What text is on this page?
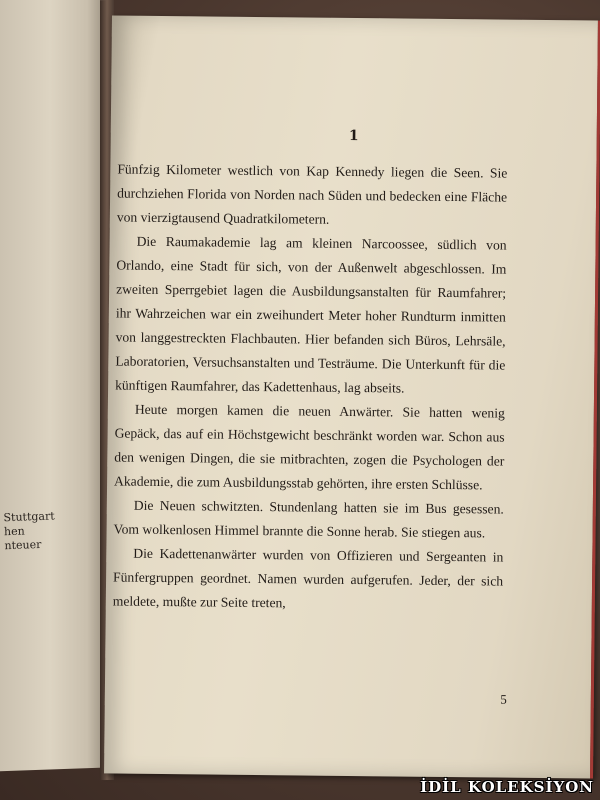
Stuttgart
hen
nteuer
1

Fünfzig Kilometer westlich von Kap Kennedy liegen die Seen. Sie durchziehen Florida von Norden nach Süden und bedecken eine Fläche von vierzigtausend Quadratkilometern.

Die Raumakademie lag am kleinen Narcoossee, südlich von Orlando, eine Stadt für sich, von der Außenwelt abgeschlossen. Im zweiten Sperrgebiet lagen die Ausbildungsanstalten für Raumfahrer; ihr Wahrzeichen war ein zweihundert Meter hoher Rundturm inmitten von langgestreckten Flachbauten. Hier befanden sich Büros, Lehrsäle, Laboratorien, Versuchsanstalten und Testräume. Die Unterkunft für die künftigen Raumfahrer, das Kadettenhaus, lag abseits.

Heute morgen kamen die neuen Anwärter. Sie hatten wenig Gepäck, das auf ein Höchstgewicht beschränkt worden war. Schon aus den wenigen Dingen, die sie mitbrachten, zogen die Psychologen der Akademie, die zum Ausbildungsstab gehörten, ihre ersten Schlüsse.

Die Neuen schwitzten. Stundenlang hatten sie im Bus gesessen. Vom wolkenlosen Himmel brannte die Sonne herab. Sie stiegen aus.

Die Kadettenanwärter wurden von Offizieren und Sergeanten in Fünfergruppen geordnet. Namen wurden aufgerufen. Jeder, der sich meldete, mußte zur Seite treten,

5
İDİL KOLEKSİYON
